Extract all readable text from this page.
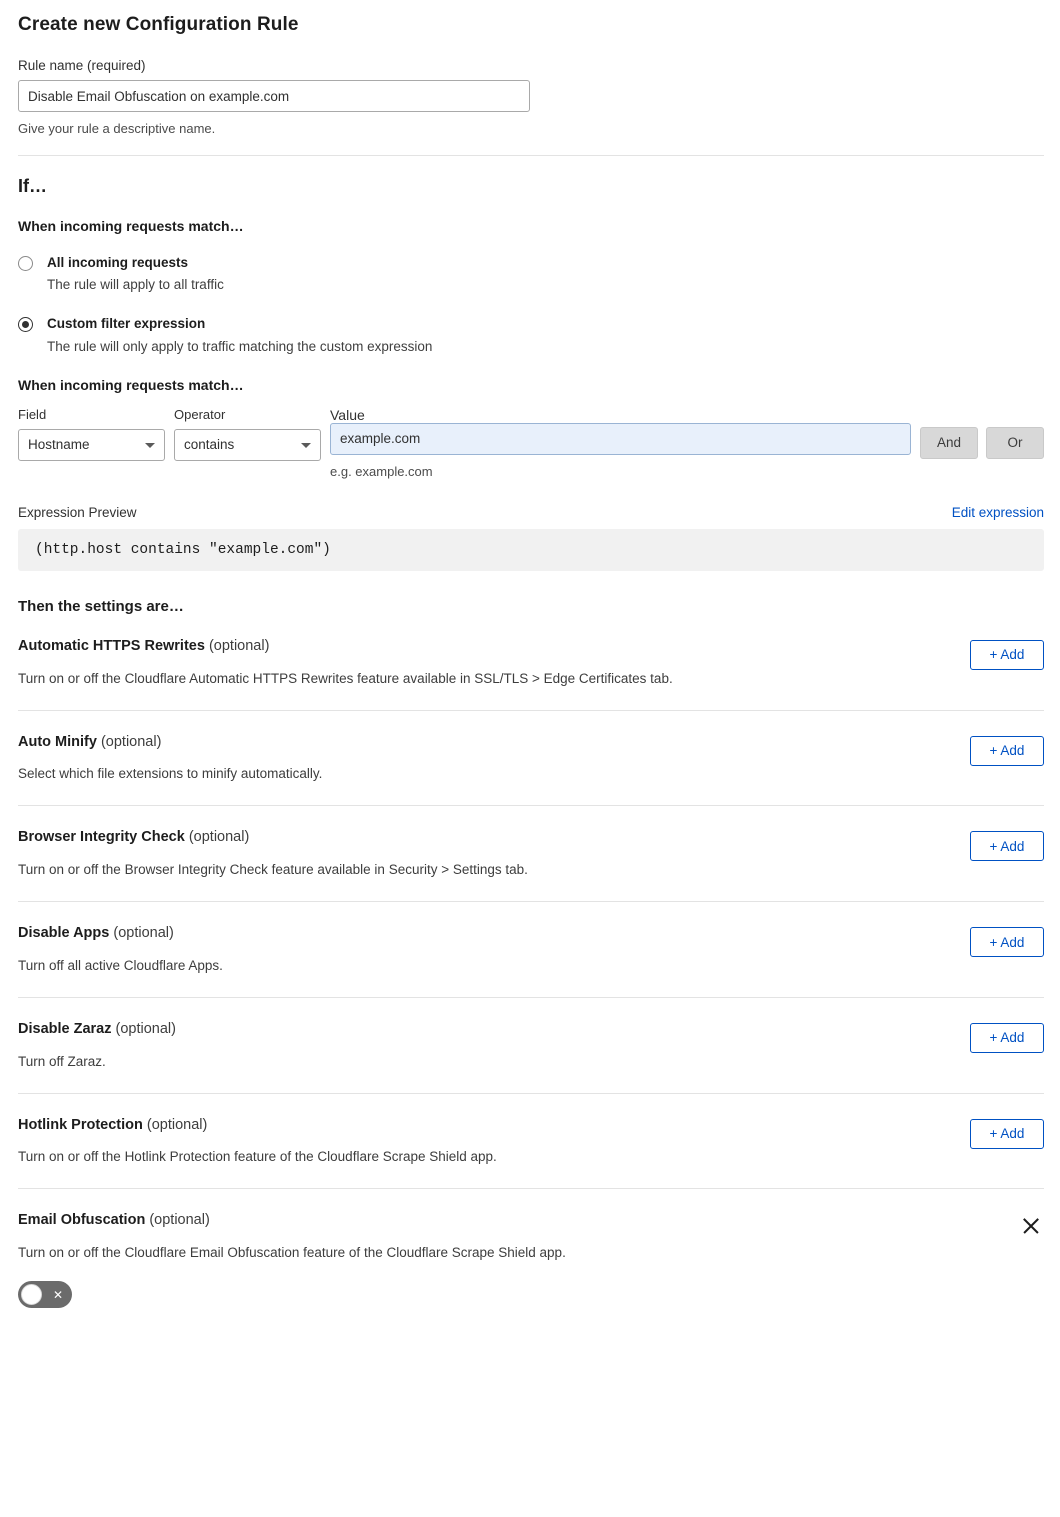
Create new Configuration Rule
Rule name (required)
Disable Email Obfuscation on example.com
Give your rule a descriptive name.
If…
When incoming requests match…
All incoming requests
The rule will apply to all traffic
Custom filter expression
The rule will only apply to traffic matching the custom expression
When incoming requests match…
Field
Hostname
Operator
contains
Value
example.com
e.g. example.com
And	Or
Expression Preview	Edit expression
(http.host contains "example.com")
Then the settings are…
Automatic HTTPS Rewrites (optional)
Turn on or off the Cloudflare Automatic HTTPS Rewrites feature available in SSL/TLS > Edge Certificates tab.
+ Add
Auto Minify (optional)
Select which file extensions to minify automatically.
+ Add
Browser Integrity Check (optional)
Turn on or off the Browser Integrity Check feature available in Security > Settings tab.
+ Add
Disable Apps (optional)
Turn off all active Cloudflare Apps.
+ Add
Disable Zaraz (optional)
Turn off Zaraz.
+ Add
Hotlink Protection (optional)
Turn on or off the Hotlink Protection feature of the Cloudflare Scrape Shield app.
+ Add
Email Obfuscation (optional)
Turn on or off the Cloudflare Email Obfuscation feature of the Cloudflare Scrape Shield app.
✕
